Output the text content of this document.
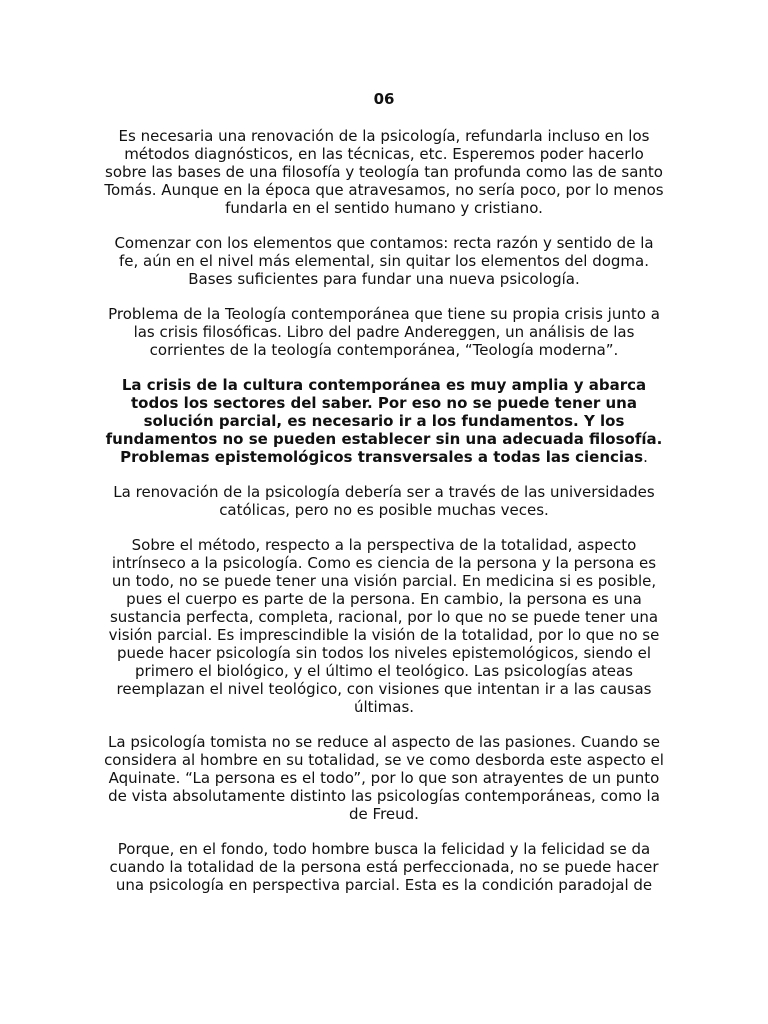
06

Es necesaria una renovación de la psicología, refundarla incluso en los métodos diagnósticos, en las técnicas, etc. Esperemos poder hacerlo sobre las bases de una filosofía y teología tan profunda como las de santo Tomás. Aunque en la época que atravesamos, no sería poco, por lo menos fundarla en el sentido humano y cristiano.

Comenzar con los elementos que contamos: recta razón y sentido de la fe, aún en el nivel más elemental, sin quitar los elementos del dogma. Bases suficientes para fundar una nueva psicología.

Problema de la Teología contemporánea que tiene su propia crisis junto a las crisis filosóficas. Libro del padre Andereggen, un análisis de las corrientes de la teología contemporánea, “Teología moderna”.

La crisis de la cultura contemporánea es muy amplia y abarca todos los sectores del saber. Por eso no se puede tener una solución parcial, es necesario ir a los fundamentos. Y los fundamentos no se pueden establecer sin una adecuada filosofía. Problemas epistemológicos transversales a todas las ciencias.

La renovación de la psicología debería ser a través de las universidades católicas, pero no es posible muchas veces.

Sobre el método, respecto a la perspectiva de la totalidad, aspecto intrínseco a la psicología. Como es ciencia de la persona y la persona es un todo, no se puede tener una visión parcial. En medicina si es posible, pues el cuerpo es parte de la persona. En cambio, la persona es una sustancia perfecta, completa, racional, por lo que no se puede tener una visión parcial. Es imprescindible la visión de la totalidad, por lo que no se puede hacer psicología sin todos los niveles epistemológicos, siendo el primero el biológico, y el último el teológico. Las psicologías ateas reemplazan el nivel teológico, con visiones que intentan ir a las causas últimas.

La psicología tomista no se reduce al aspecto de las pasiones. Cuando se considera al hombre en su totalidad, se ve como desborda este aspecto el Aquinate. “La persona es el todo”, por lo que son atrayentes de un punto de vista absolutamente distinto las psicologías contemporáneas, como la de Freud.

Porque, en el fondo, todo hombre busca la felicidad y la felicidad se da cuando la totalidad de la persona está perfeccionada, no se puede hacer una psicología en perspectiva parcial. Esta es la condición paradojal de
